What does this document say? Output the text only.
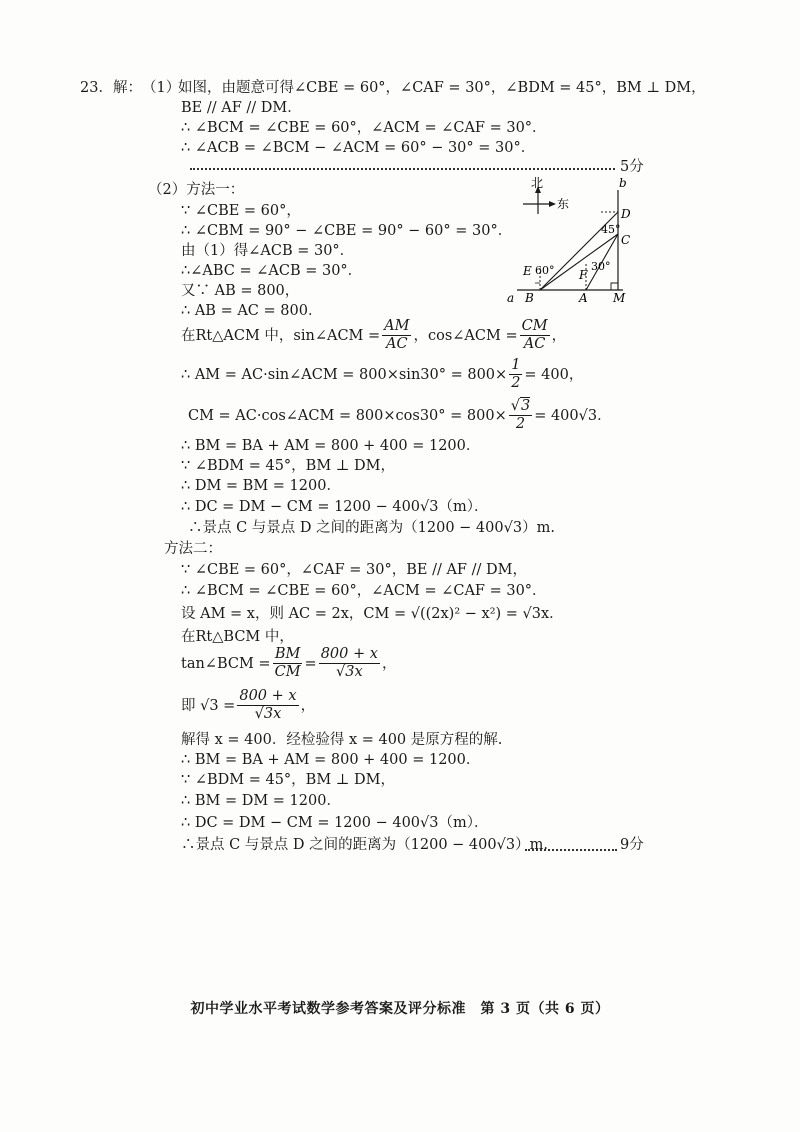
23．解： （1）
如图，由题意可得∠CBE = 60°，∠CAF = 30°，∠BDM = 45°，BM ⊥ DM，
BE // AF // DM．
∴ ∠BCM = ∠CBE = 60°，∠ACM = ∠CAF = 30°．
∴ ∠ACB = ∠BCM − ∠ACM = 60° − 30° = 30°．
5分
（2）方法一：
∵ ∠CBE = 60°，
∴ ∠CBM = 90° − ∠CBE = 90° − 60° = 30°．
由（1）得∠ACB = 30°．
∴∠ABC = ∠ACB = 30°．
又∵ AB = 800，
∴ AB = AC = 800．
在Rt△ACM 中，sin∠ACM = $\frac{AM}{AC}$ ，cos∠ACM = $\frac{CM}{AC}$ ，
∴ AM = AC·sin∠ACM = $800\times\sin 30^\circ = 800\times \frac{1}{2} = 400$，
CM = AC·cos∠ACM = $800\times\cos 30^\circ = 800\times \frac{√3}{2} = 400√3$．
∴ BM = BA + AM = 800 + 400 = 1200．
∵ ∠BDM = 45°，BM ⊥ DM，
∴ DM = BM = 1200．
∴ DC = DM − CM = 1200 − 400√3（m）．
∴景点 C 与景点 D 之间的距离为（1200 − 400√3）m.
方法二：
∵ ∠CBE = 60°，∠CAF = 30°，BE // AF // DM，
∴ ∠BCM = ∠CBE = 60°，∠ACM = ∠CAF = 30°．
设 AM = x，则 AC = 2x，CM = √((2x)² − x²) = √3x．
在Rt△BCM 中，
tan∠BCM = $\frac{BM}{CM} = \frac{800 + x}{√3x}$ ，
即 $√3 = \frac{800 + x}{√3x}$ ，
解得 x = 400．经检验得 x = 400 是原方程的解.
∴ BM = BA + AM = 800 + 400 = 1200．
∵ ∠BDM = 45°，BM ⊥ DM，
∴ BM = DM = 1200．
∴ DC = DM − CM = 1200 − 400√3（m）．
∴景点 C 与景点 D 之间的距离为（1200 − 400√3）m.	9分
北
东
b
D
45°
C
30°
F
E 60°
a B	A M
初中学业水平考试数学参考答案及评分标准　第 3 页（共 6 页）
